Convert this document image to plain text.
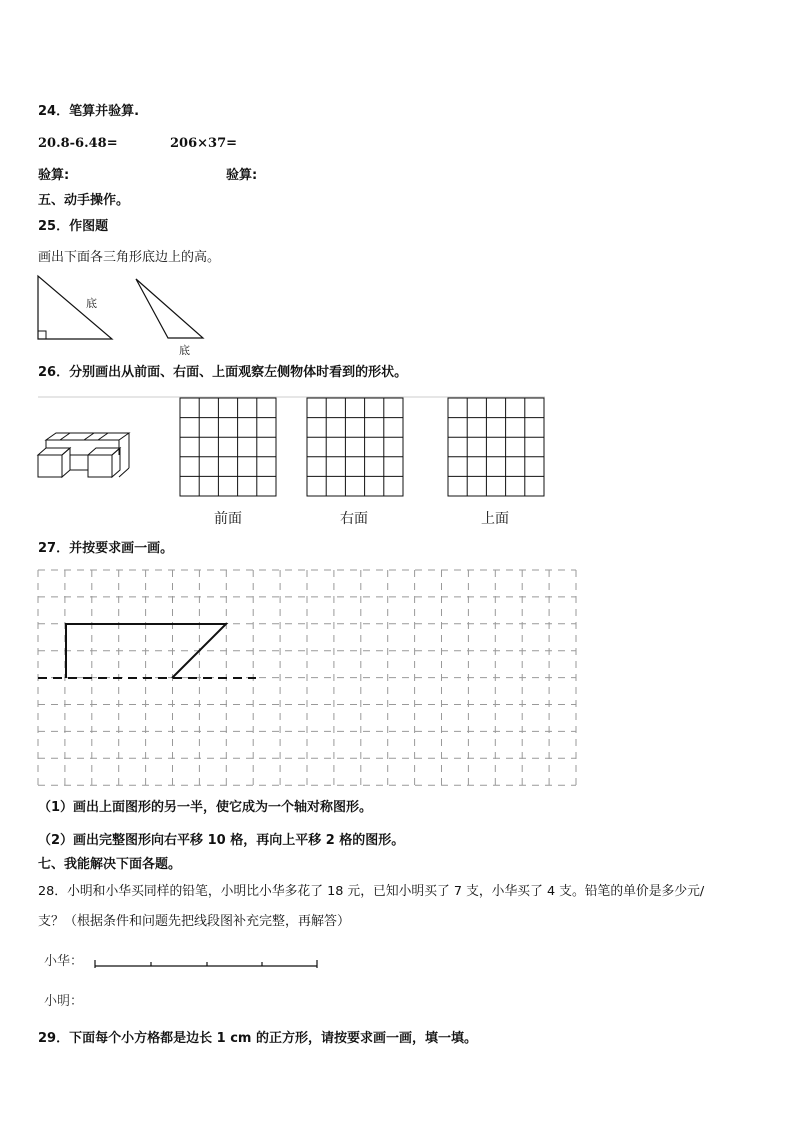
24．笔算并验算.
20.8-6.48=	206×37=
验算:	验算:
五、动手操作。
25．作图题
画出下面各三角形底边上的高。
底
底
26．分别画出从前面、右面、上面观察左侧物体时看到的形状。
前面	右面	上面
27．并按要求画一画。
（1）画出上面图形的另一半，使它成为一个轴对称图形。
（2）画出完整图形向右平移 10 格，再向上平移 2 格的图形。
七、我能解决下面各题。
28．小明和小华买同样的铅笔，小明比小华多花了 18 元，已知小明买了 7 支，小华买了 4 支。铅笔的单价是多少元/
支？（根据条件和问题先把线段图补充完整，再解答）
小华：
小明：
29．下面每个小方格都是边长 1 cm 的正方形，请按要求画一画，填一填。
